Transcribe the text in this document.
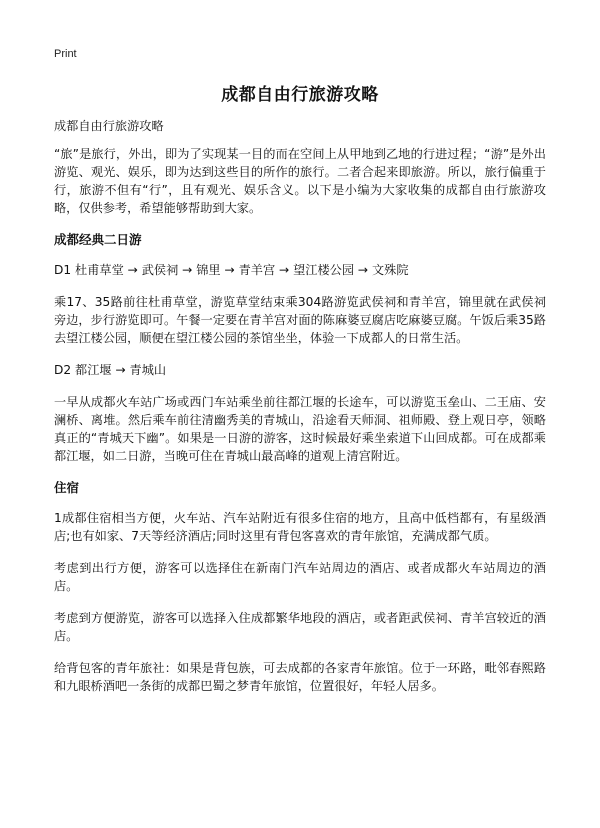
Print
成都自由行旅游攻略

成都自由行旅游攻略

“旅”是旅行，外出，即为了实现某一目的而在空间上从甲地到乙地的行进过程；“游”是外出游览、观光、娱乐，即为达到这些目的所作的旅行。二者合起来即旅游。所以，旅行偏重于行，旅游不但有“行”，且有观光、娱乐含义。以下是小编为大家收集的成都自由行旅游攻略，仅供参考，希望能够帮助到大家。

成都经典二日游

D1 杜甫草堂 → 武侯祠 → 锦里 → 青羊宫 → 望江楼公园 → 文殊院

乘17、35路前往杜甫草堂，游览草堂结束乘304路游览武侯祠和青羊宫，锦里就在武侯祠旁边，步行游览即可。午餐一定要在青羊宫对面的陈麻婆豆腐店吃麻婆豆腐。午饭后乘35路去望江楼公园，顺便在望江楼公园的茶馆坐坐，体验一下成都人的日常生活。

D2 都江堰 → 青城山

一早从成都火车站广场或西门车站乘坐前往都江堰的长途车，可以游览玉垒山、二王庙、安澜桥、离堆。然后乘车前往清幽秀美的青城山，沿途看天师洞、祖师殿、登上观日亭，领略真正的“青城天下幽”。如果是一日游的游客，这时候最好乘坐索道下山回成都。可在成都乘都江堰，如二日游，当晚可住在青城山最高峰的道观上清宫附近。

住宿

1成都住宿相当方便，火车站、汽车站附近有很多住宿的地方，且高中低档都有，有星级酒店;也有如家、7天等经济酒店;同时这里有背包客喜欢的青年旅馆，充满成都气质。

考虑到出行方便，游客可以选择住在新南门汽车站周边的酒店、或者成都火车站周边的酒店。

考虑到方便游览，游客可以选择入住成都繁华地段的酒店，或者距武侯祠、青羊宫较近的酒店。

给背包客的青年旅社：如果是背包族，可去成都的各家青年旅馆。位于一环路，毗邻春熙路和九眼桥酒吧一条街的成都巴蜀之梦青年旅馆，位置很好，年轻人居多。
